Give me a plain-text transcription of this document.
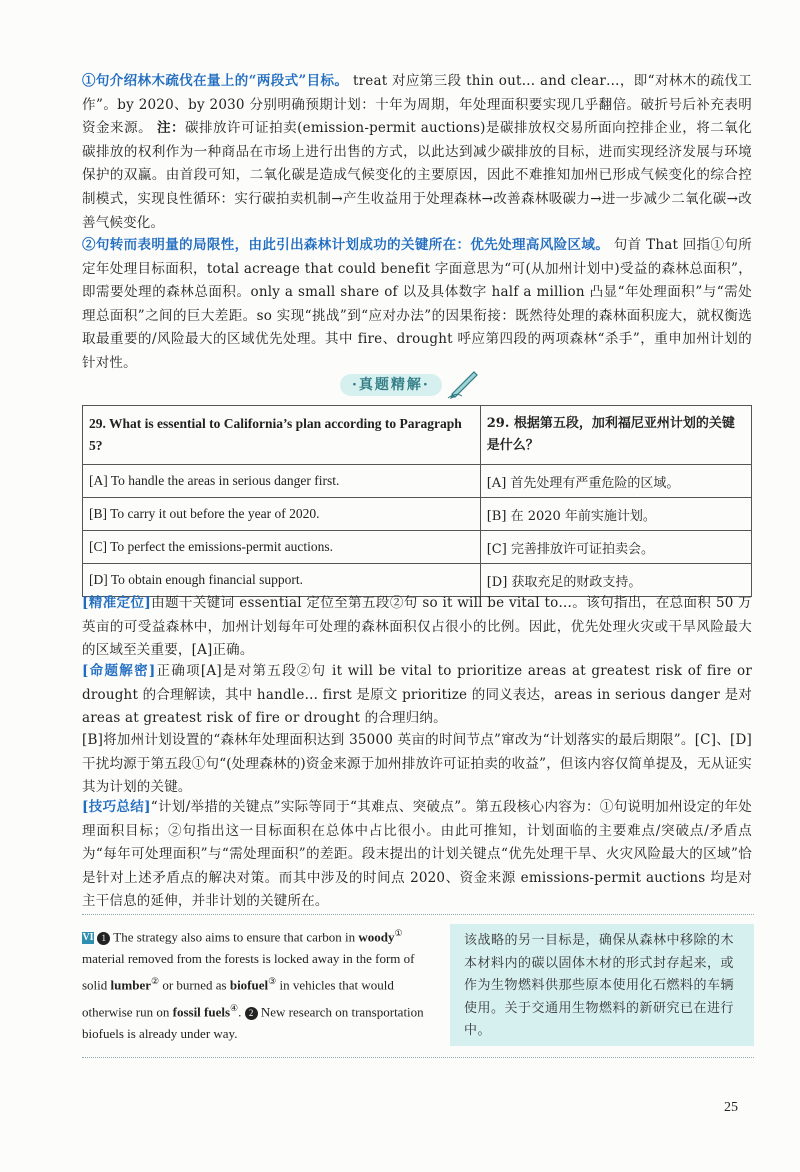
①句介绍林木疏伐在量上的“两段式”目标。 treat 对应第三段 thin out… and clear…，即“对林木的疏伐工作”。by 2020、by 2030 分别明确预期计划：十年为周期，年处理面积要实现几乎翻倍。破折号后补充表明资金来源。 注：碳排放许可证拍卖(emission-permit auctions)是碳排放权交易所面向控排企业，将二氧化碳排放的权利作为一种商品在市场上进行出售的方式，以此达到减少碳排放的目标，进而实现经济发展与环境保护的双赢。由首段可知，二氧化碳是造成气候变化的主要原因，因此不难推知加州已形成气候变化的综合控制模式，实现良性循环：实行碳拍卖机制→产生收益用于处理森林→改善森林吸碳力→进一步减少二氧化碳→改善气候变化。
②句转而表明量的局限性，由此引出森林计划成功的关键所在：优先处理高风险区域。 句首 That 回指①句所定年处理目标面积，total acreage that could benefit 字面意思为“可(从加州计划中)受益的森林总面积”，即需要处理的森林总面积。only a small share of 以及具体数字 half a million 凸显“年处理面积”与“需处理总面积”之间的巨大差距。so 实现“挑战”到“应对办法”的因果衔接：既然待处理的森林面积庞大，就权衡选取最重要的/风险最大的区域优先处理。其中 fire、drought 呼应第四段的两项森林“杀手”，重申加州计划的针对性。
·真题精解·
29. What is essential to California’s plan according to Paragraph 5?	29. 根据第五段，加利福尼亚州计划的关键是什么？
[A] To handle the areas in serious danger first.	[A] 首先处理有严重危险的区域。
[B] To carry it out before the year of 2020.	[B] 在 2020 年前实施计划。
[C] To perfect the emissions-permit auctions.	[C] 完善排放许可证拍卖会。
[D] To obtain enough financial support.	[D] 获取充足的财政支持。
[精准定位]由题干关键词 essential 定位至第五段②句 so it will be vital to…。该句指出，在总面积 50 万英亩的可受益森林中，加州计划每年可处理的森林面积仅占很小的比例。因此，优先处理火灾或干旱风险最大的区域至关重要，[A]正确。
[命题解密]正确项[A]是对第五段②句 it will be vital to prioritize areas at greatest risk of fire or drought 的合理解读，其中 handle… first 是原文 prioritize 的同义表达，areas in serious danger 是对 areas at greatest risk of fire or drought 的合理归纳。
[B]将加州计划设置的“森林年处理面积达到 35000 英亩的时间节点”窜改为“计划落实的最后期限”。[C]、[D]干扰均源于第五段①句“(处理森林的)资金来源于加州排放许可证拍卖的收益”，但该内容仅简单提及，无从证实其为计划的关键。
[技巧总结]“计划/举措的关键点”实际等同于“其难点、突破点”。第五段核心内容为：①句说明加州设定的年处理面积目标；②句指出这一目标面积在总体中占比很小。由此可推知，计划面临的主要难点/突破点/矛盾点为“每年可处理面积”与“需处理面积”的差距。段末提出的计划关键点“优先处理干旱、火灾风险最大的区域”恰是针对上述矛盾点的解决对策。而其中涉及的时间点 2020、资金来源 emissions-permit auctions 均是对主干信息的延伸，并非计划的关键所在。
VI 1 The strategy also aims to ensure that carbon in woody① material removed from the forests is locked away in the form of solid lumber② or burned as biofuel③ in vehicles that would otherwise run on fossil fuels④. 2 New research on transportation biofuels is already under way.
该战略的另一目标是，确保从森林中移除的木本材料内的碳以固体木材的形式封存起来，或作为生物燃料供那些原本使用化石燃料的车辆使用。关于交通用生物燃料的新研究已在进行中。
25
